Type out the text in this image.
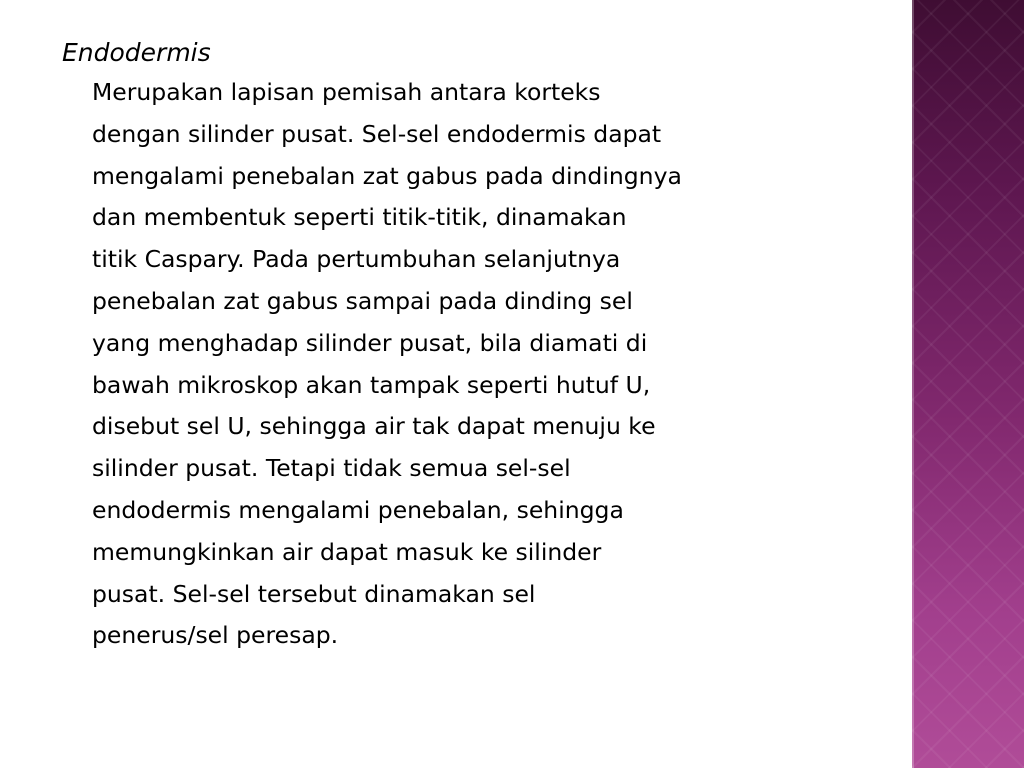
Endodermis

Merupakan lapisan pemisah antara korteks
dengan silinder pusat. Sel-sel endodermis dapat
mengalami penebalan zat gabus pada dindingnya
dan membentuk seperti titik-titik, dinamakan
titik Caspary. Pada pertumbuhan selanjutnya
penebalan zat gabus sampai pada dinding sel
yang menghadap silinder pusat, bila diamati di
bawah mikroskop akan tampak seperti hutuf U,
disebut sel U, sehingga air tak dapat menuju ke
silinder pusat. Tetapi tidak semua sel-sel
endodermis mengalami penebalan, sehingga
memungkinkan air dapat masuk ke silinder
pusat. Sel-sel tersebut dinamakan sel
penerus/sel peresap.
